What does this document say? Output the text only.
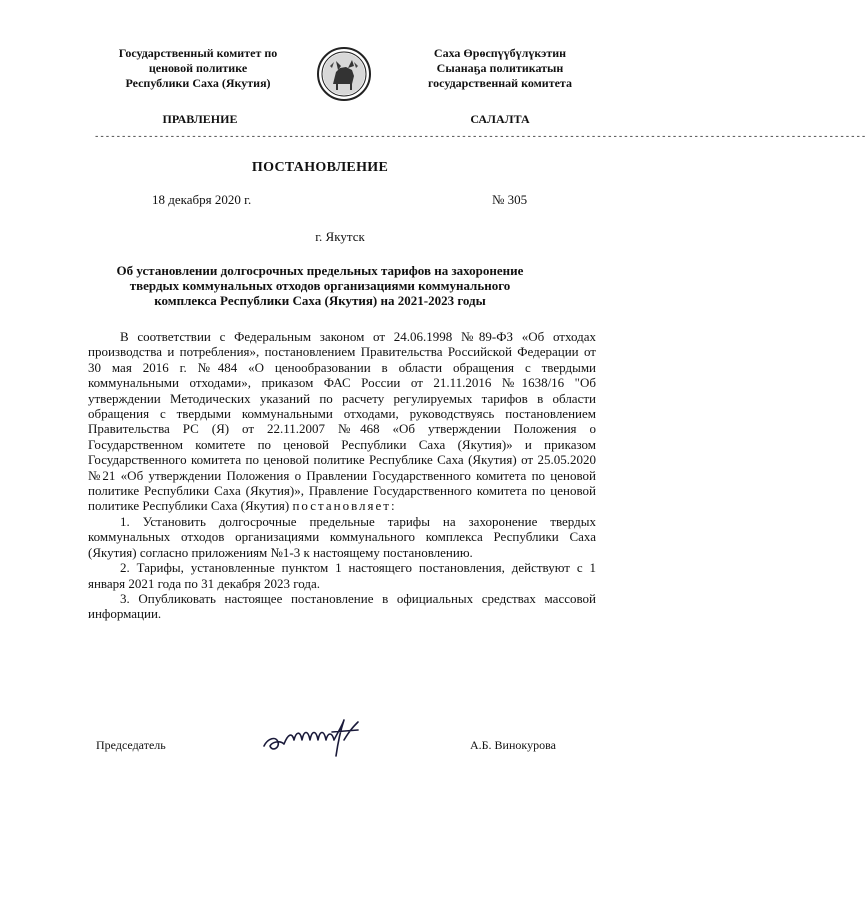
Государственный комитет по
ценовой политике
Республики Саха (Якутия)
Саха Өрөспүүбүлүкэтин
Сыанаҕа политикатын
государственнай комитета
ПРАВЛЕНИЕ	САЛАЛТА
-----------------------------------------------------------------------------------------------------------------------------------------------
ПОСТАНОВЛЕНИЕ
18 декабря 2020 г.	№ 305
г. Якутск
Об установлении долгосрочных предельных тарифов на захоронение
твердых коммунальных отходов организациями коммунального
комплекса Республики Саха (Якутия) на 2021-2023 годы

В соответствии с Федеральным законом от 24.06.1998 №89-ФЗ «Об отходах производства и потребления», постановлением Правительства Российской Федерации от 30 мая 2016 г. №484 «О ценообразовании в области обращения с твердыми коммунальными отходами», приказом ФАС России от 21.11.2016 №1638/16 "Об утверждении Методических указаний по расчету регулируемых тарифов в области обращения с твердыми коммунальными отходами, руководствуясь постановлением Правительства РС (Я) от 22.11.2007 №468 «Об утверждении Положения о Государственном комитете по ценовой Республики Саха (Якутия)» и приказом Государственного комитета по ценовой политике Республике Саха (Якутия) от 25.05.2020 №21 «Об утверждении Положения о Правлении Государственного комитета по ценовой политике Республики Саха (Якутия)», Правление Государственного комитета по ценовой политике Республики Саха (Якутия) постановляет:

1. Установить долгосрочные предельные тарифы на захоронение твердых коммунальных отходов организациями коммунального комплекса Республики Саха (Якутия) согласно приложениям №1-3 к настоящему постановлению.

2. Тарифы, установленные пунктом 1 настоящего постановления, действуют с 1 января 2021 года по 31 декабря 2023 года.

3. Опубликовать настоящее постановление в официальных средствах массовой информации.

Председатель	А.Б. Винокурова
